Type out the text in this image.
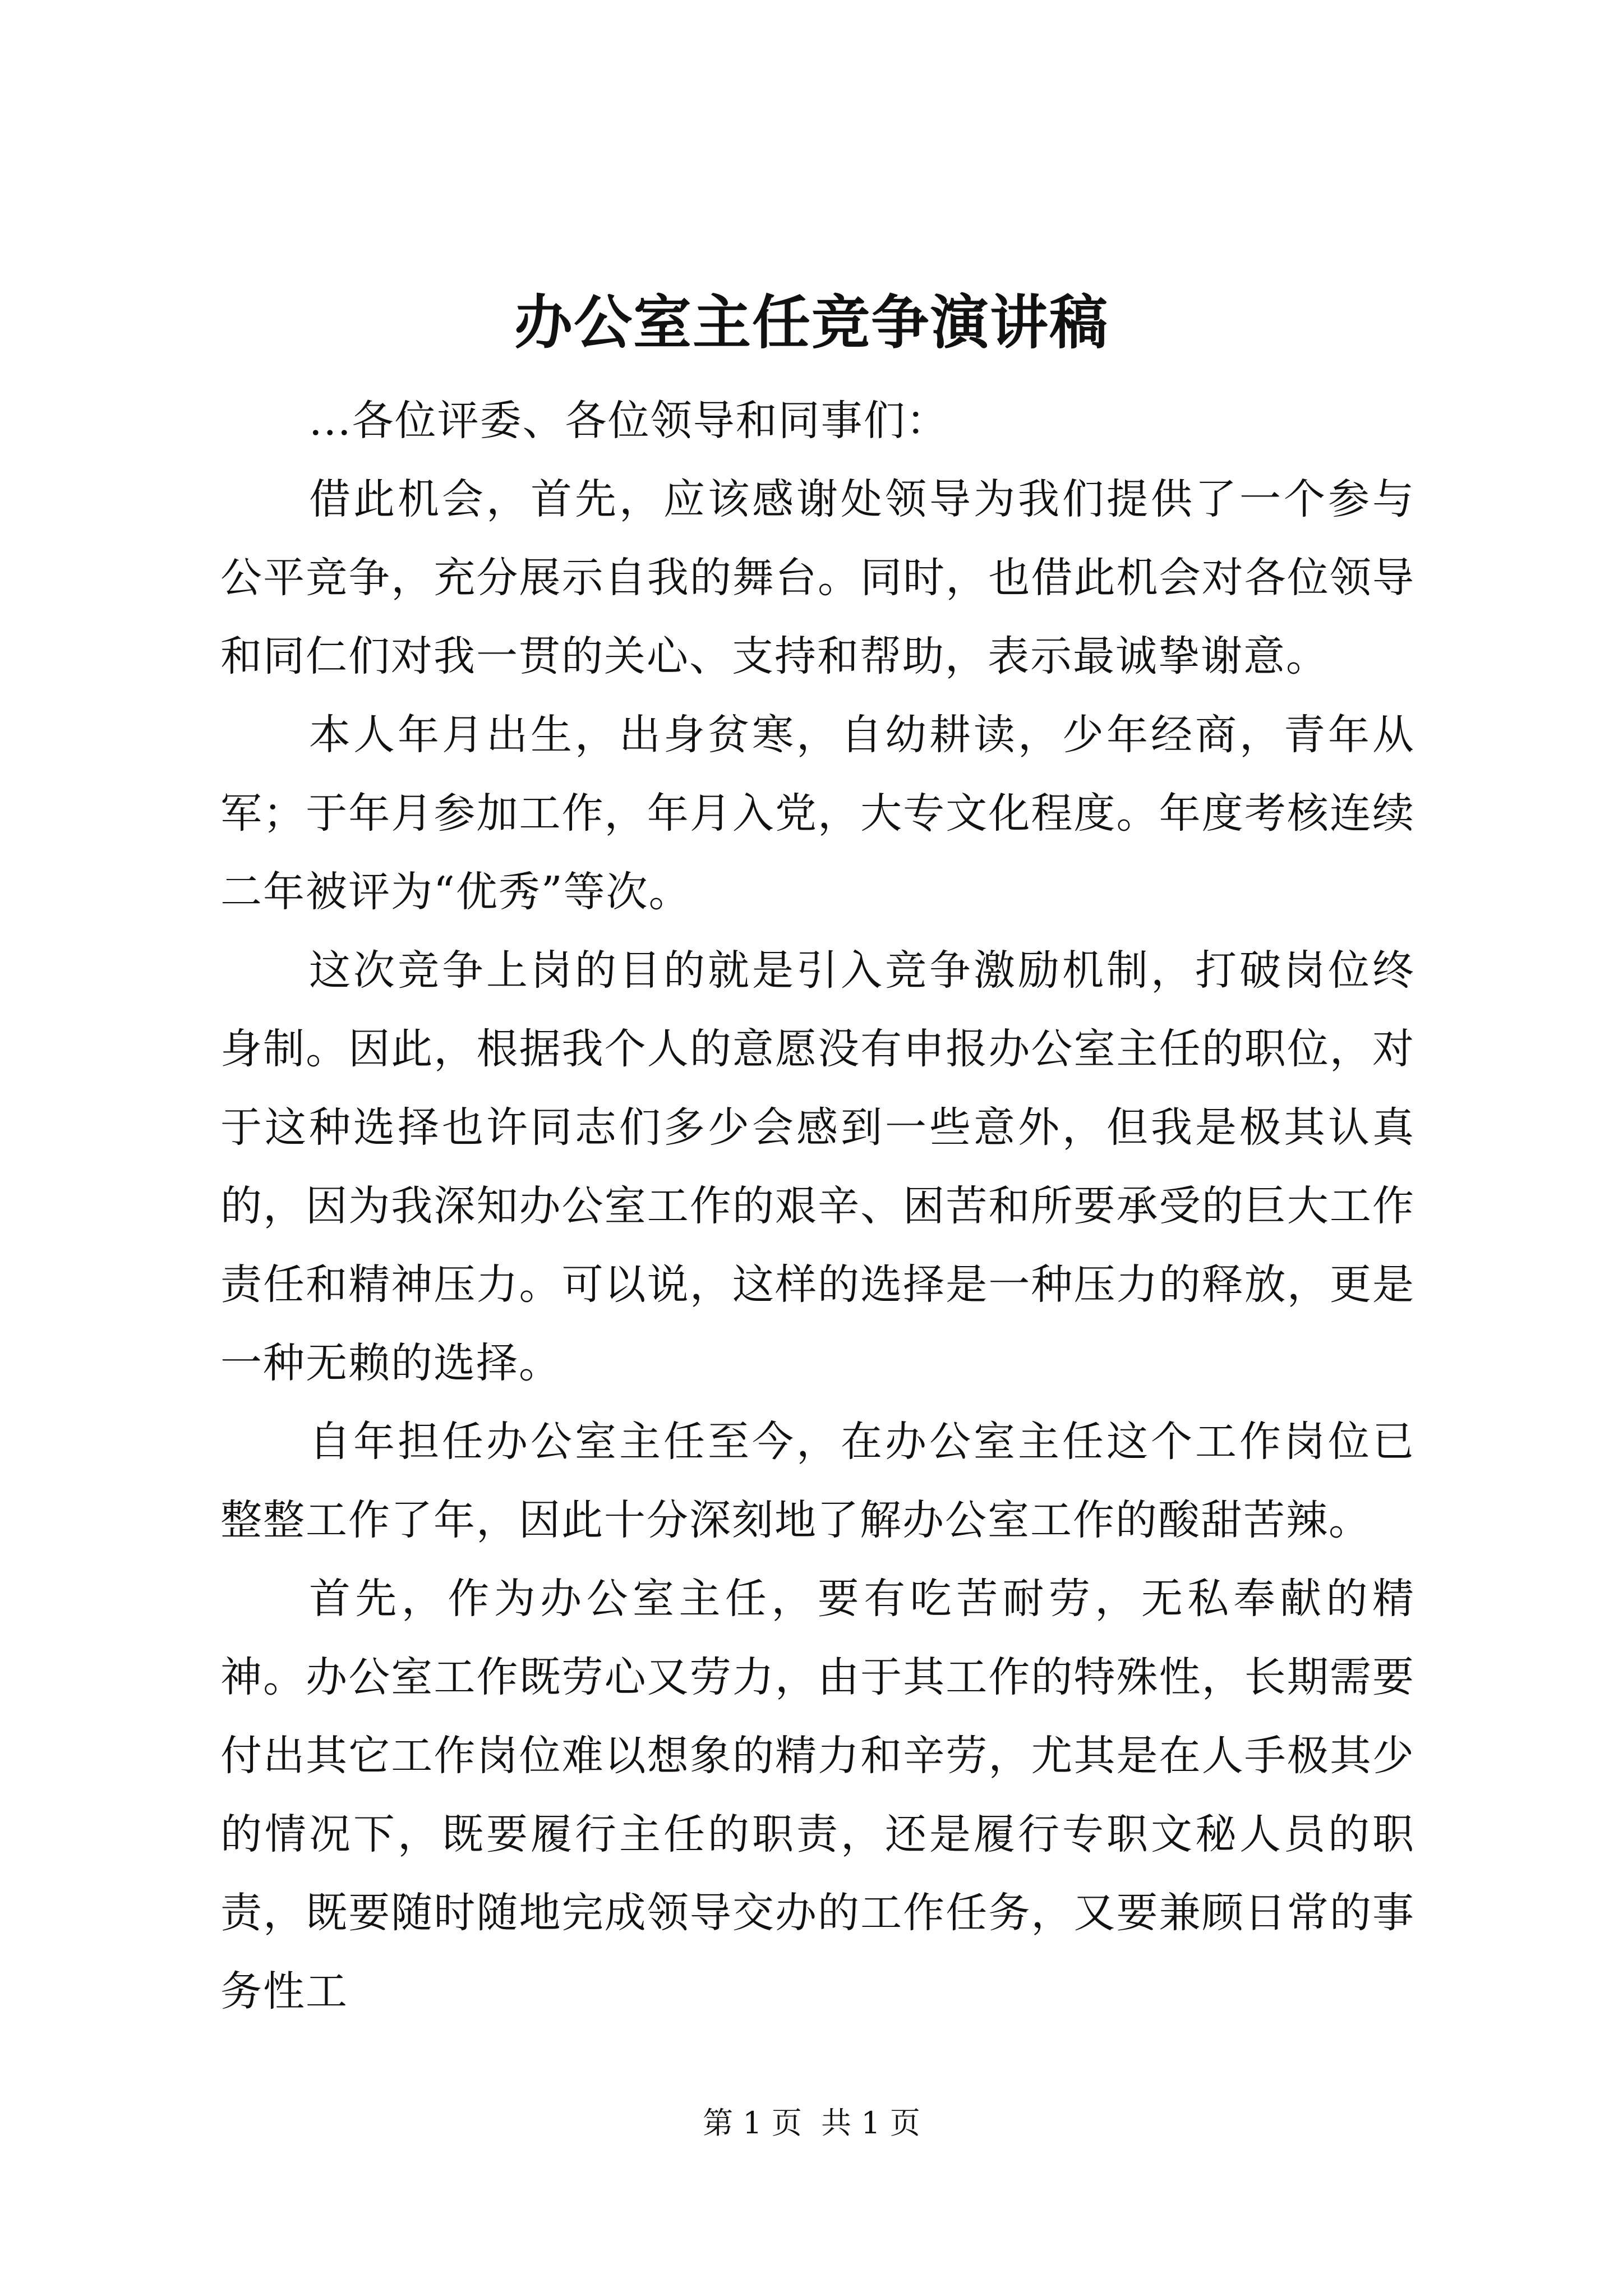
办公室主任竞争演讲稿

...各位评委、各位领导和同事们：

借此机会，首先，应该感谢处领导为我们提供了一个参与公平竞争，充分展示自我的舞台。同时，也借此机会对各位领导和同仁们对我一贯的关心、支持和帮助，表示最诚挚谢意。

本人年月出生，出身贫寒，自幼耕读，少年经商，青年从军；于年月参加工作，年月入党，大专文化程度。年度考核连续二年被评为“优秀”等次。

这次竞争上岗的目的就是引入竞争激励机制，打破岗位终身制。因此，根据我个人的意愿没有申报办公室主任的职位，对于这种选择也许同志们多少会感到一些意外，但我是极其认真的，因为我深知办公室工作的艰辛、困苦和所要承受的巨大工作责任和精神压力。可以说，这样的选择是一种压力的释放，更是一种无赖的选择。

自年担任办公室主任至今，在办公室主任这个工作岗位已整整工作了年，因此十分深刻地了解办公室工作的酸甜苦辣。

首先，作为办公室主任，要有吃苦耐劳，无私奉献的精神。办公室工作既劳心又劳力，由于其工作的特殊性，长期需要付出其它工作岗位难以想象的精力和辛劳，尤其是在人手极其少的情况下，既要履行主任的职责，还是履行专职文秘人员的职责，既要随时随地完成领导交办的工作任务，又要兼顾日常的事务性工

第 1 页  共 1 页
